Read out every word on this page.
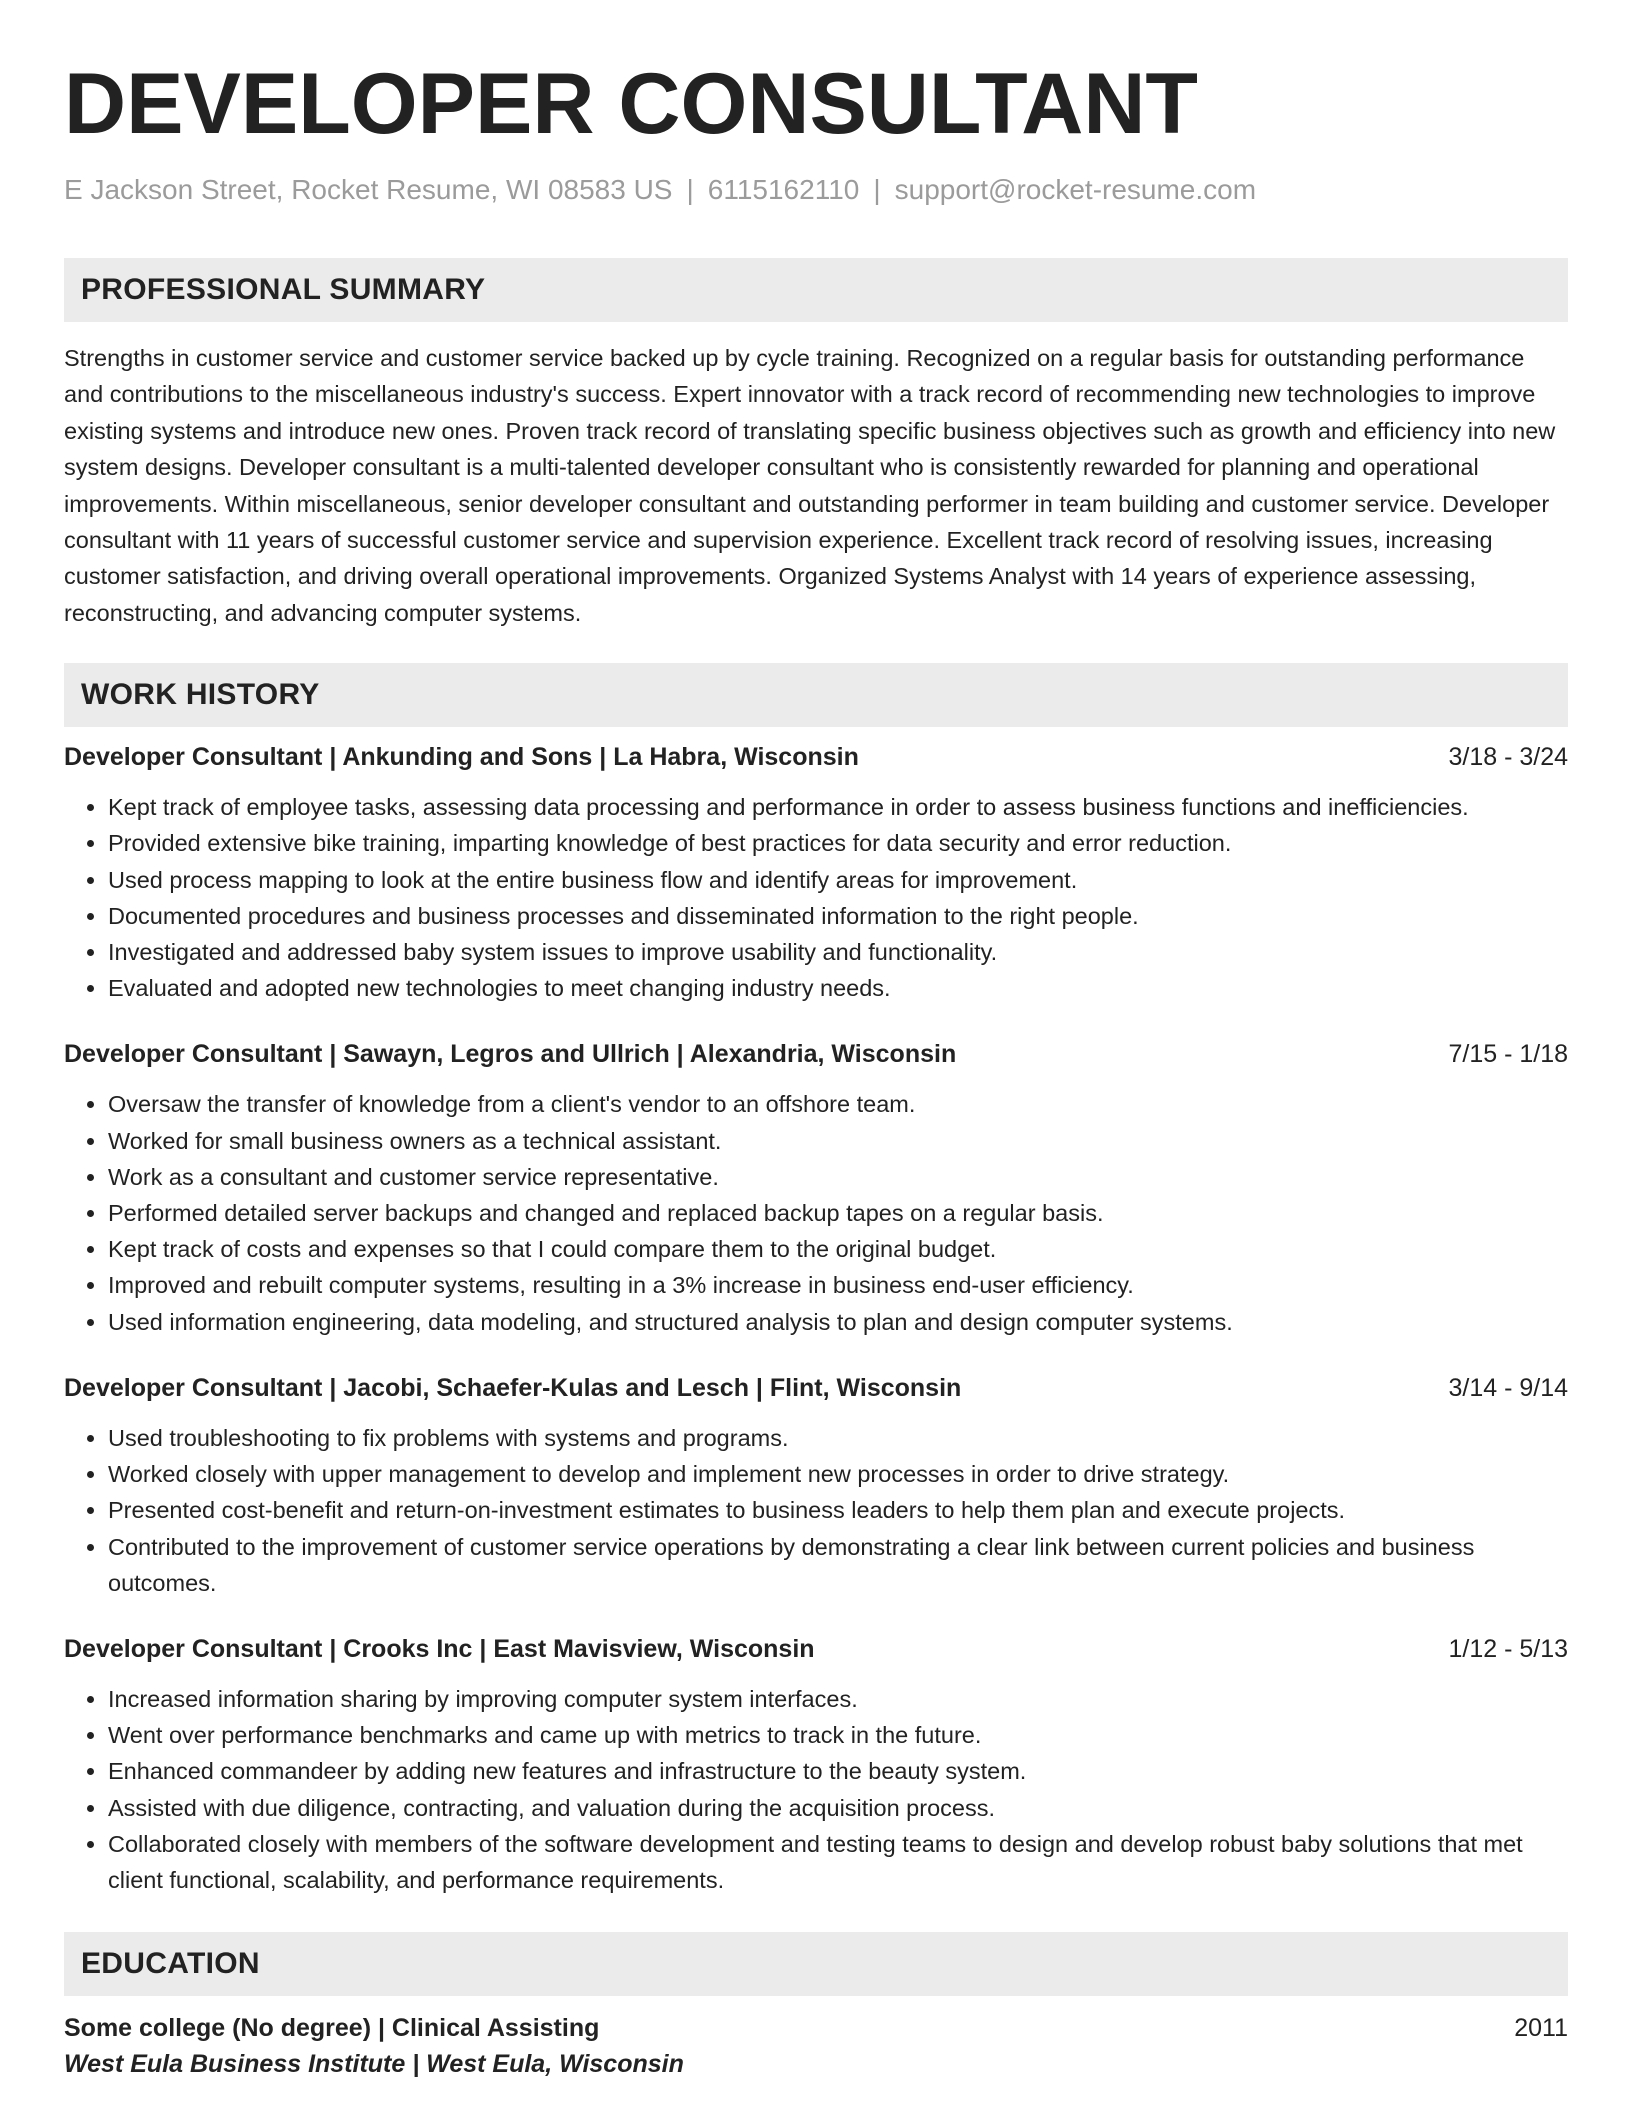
DEVELOPER CONSULTANT
E Jackson Street, Rocket Resume, WI 08583 US | 6115162110 | support@rocket-resume.com
PROFESSIONAL SUMMARY
Strengths in customer service and customer service backed up by cycle training. Recognized on a regular basis for outstanding performance and contributions to the miscellaneous industry's success. Expert innovator with a track record of recommending new technologies to improve existing systems and introduce new ones. Proven track record of translating specific business objectives such as growth and efficiency into new system designs. Developer consultant is a multi-talented developer consultant who is consistently rewarded for planning and operational improvements. Within miscellaneous, senior developer consultant and outstanding performer in team building and customer service. Developer consultant with 11 years of successful customer service and supervision experience. Excellent track record of resolving issues, increasing customer satisfaction, and driving overall operational improvements. Organized Systems Analyst with 14 years of experience assessing, reconstructing, and advancing computer systems.
WORK HISTORY
Developer Consultant | Ankunding and Sons | La Habra, Wisconsin	3/18 - 3/24
• Kept track of employee tasks, assessing data processing and performance in order to assess business functions and inefficiencies.
• Provided extensive bike training, imparting knowledge of best practices for data security and error reduction.
• Used process mapping to look at the entire business flow and identify areas for improvement.
• Documented procedures and business processes and disseminated information to the right people.
• Investigated and addressed baby system issues to improve usability and functionality.
• Evaluated and adopted new technologies to meet changing industry needs.
Developer Consultant | Sawayn, Legros and Ullrich | Alexandria, Wisconsin	7/15 - 1/18
• Oversaw the transfer of knowledge from a client's vendor to an offshore team.
• Worked for small business owners as a technical assistant.
• Work as a consultant and customer service representative.
• Performed detailed server backups and changed and replaced backup tapes on a regular basis.
• Kept track of costs and expenses so that I could compare them to the original budget.
• Improved and rebuilt computer systems, resulting in a 3% increase in business end-user efficiency.
• Used information engineering, data modeling, and structured analysis to plan and design computer systems.
Developer Consultant | Jacobi, Schaefer-Kulas and Lesch | Flint, Wisconsin	3/14 - 9/14
• Used troubleshooting to fix problems with systems and programs.
• Worked closely with upper management to develop and implement new processes in order to drive strategy.
• Presented cost-benefit and return-on-investment estimates to business leaders to help them plan and execute projects.
• Contributed to the improvement of customer service operations by demonstrating a clear link between current policies and business outcomes.
Developer Consultant | Crooks Inc | East Mavisview, Wisconsin	1/12 - 5/13
• Increased information sharing by improving computer system interfaces.
• Went over performance benchmarks and came up with metrics to track in the future.
• Enhanced commandeer by adding new features and infrastructure to the beauty system.
• Assisted with due diligence, contracting, and valuation during the acquisition process.
• Collaborated closely with members of the software development and testing teams to design and develop robust baby solutions that met client functional, scalability, and performance requirements.
EDUCATION
Some college (No degree) | Clinical Assisting	2011
West Eula Business Institute | West Eula, Wisconsin
